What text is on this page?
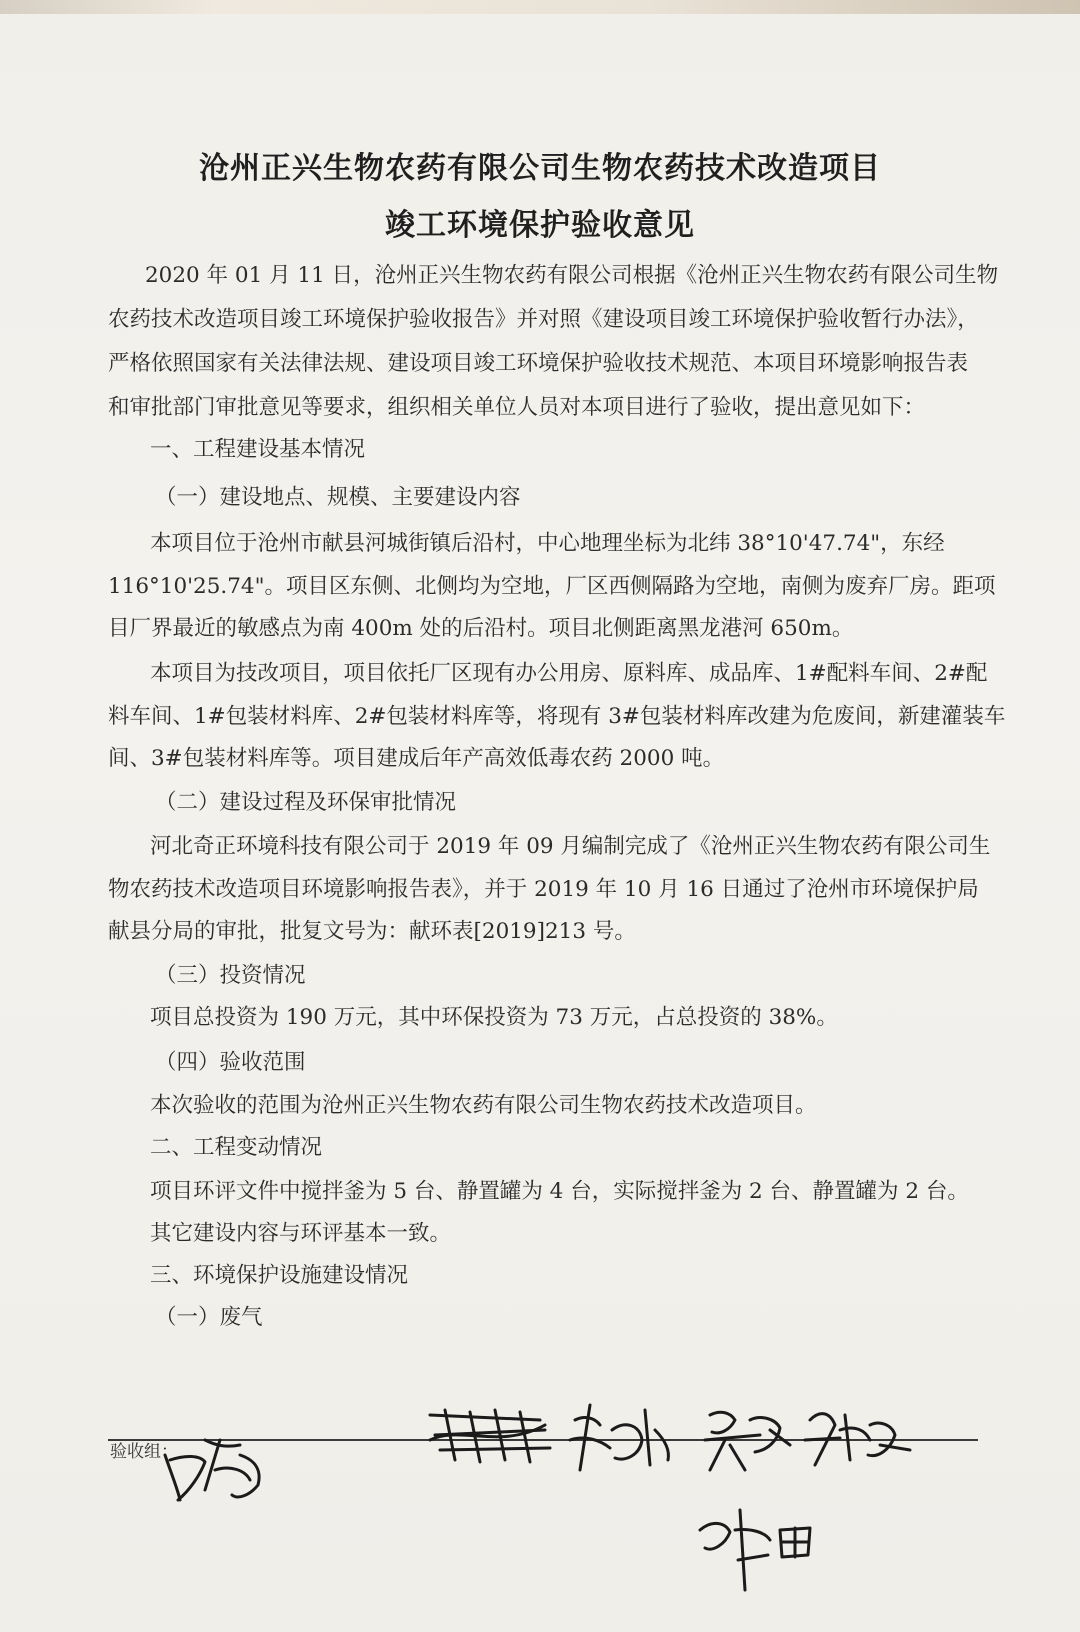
沧州正兴生物农药有限公司生物农药技术改造项目
竣工环境保护验收意见
2020 年 01 月 11 日，沧州正兴生物农药有限公司根据《沧州正兴生物农药有限公司生物
农药技术改造项目竣工环境保护验收报告》并对照《建设项目竣工环境保护验收暂行办法》，
严格依照国家有关法律法规、建设项目竣工环境保护验收技术规范、本项目环境影响报告表
和审批部门审批意见等要求，组织相关单位人员对本项目进行了验收，提出意见如下：
一、工程建设基本情况
（一）建设地点、规模、主要建设内容
本项目位于沧州市献县河城街镇后沿村，中心地理坐标为北纬 38°10'47.74"，东经
116°10'25.74"。项目区东侧、北侧均为空地，厂区西侧隔路为空地，南侧为废弃厂房。距项
目厂界最近的敏感点为南 400m 处的后沿村。项目北侧距离黑龙港河 650m。
本项目为技改项目，项目依托厂区现有办公用房、原料库、成品库、1#配料车间、2#配
料车间、1#包装材料库、2#包装材料库等，将现有 3#包装材料库改建为危废间，新建灌装车
间、3#包装材料库等。项目建成后年产高效低毒农药 2000 吨。
（二）建设过程及环保审批情况
河北奇正环境科技有限公司于 2019 年 09 月编制完成了《沧州正兴生物农药有限公司生
物农药技术改造项目环境影响报告表》，并于 2019 年 10 月 16 日通过了沧州市环境保护局
献县分局的审批，批复文号为：献环表[2019]213 号。
（三）投资情况
项目总投资为 190 万元，其中环保投资为 73 万元，占总投资的 38%。
（四）验收范围
本次验收的范围为沧州正兴生物农药有限公司生物农药技术改造项目。
二、工程变动情况
项目环评文件中搅拌釜为 5 台、静置罐为 4 台，实际搅拌釜为 2 台、静置罐为 2 台。
其它建设内容与环评基本一致。
三、环境保护设施建设情况
（一）废气
验收组：
